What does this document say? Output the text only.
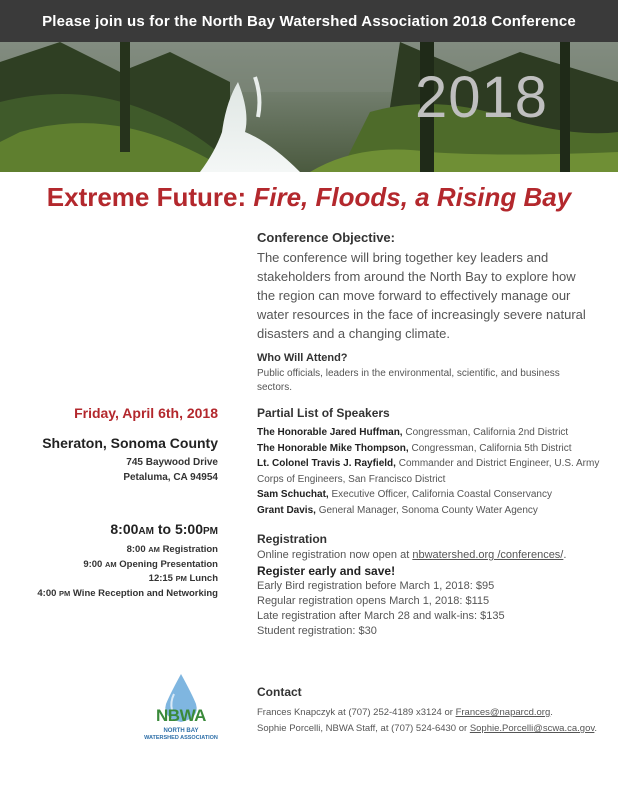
Please join us for the North Bay Watershed Association 2018 Conference
2018
Extreme Future: Fire, Floods, a Rising Bay
Conference Objective:

The conference will bring together key leaders and stakeholders from around the North Bay to explore how the region can move forward to effectively manage our water resources in the face of increasingly severe natural disasters and a changing climate.

Who Will Attend?

Public officials, leaders in the environmental, scientific, and business sectors.

Partial List of Speakers
The Honorable Jared Huffman, Congressman, California 2nd District
The Honorable Mike Thompson, Congressman, California 5th District
Lt. Colonel Travis J. Rayfield, Commander and District Engineer, U.S. Army Corps of Engineers, San Francisco District
Sam Schuchat, Executive Officer, California Coastal Conservancy
Grant Davis, General Manager, Sonoma County Water Agency
Friday, April 6th, 2018
Sheraton, Sonoma County
745 Baywood Drive
Petaluma, CA 94954
8:00AM to 5:00PM
8:00 AM Registration
9:00 AM Opening Presentation
12:15 PM Lunch
4:00 PM Wine Reception and Networking
Registration
Online registration now open at nbwatershed.org /conferences/.
Register early and save!
Early Bird registration before March 1, 2018: $95
Regular registration opens March 1, 2018: $115
Late registration after March 28 and walk-ins: $135
Student registration: $30
NBWA
NORTH BAY
WATERSHED ASSOCIATION
Contact
Frances Knapczyk at (707) 252-4189 x3124 or Frances@naparcd.org.
Sophie Porcelli, NBWA Staff, at (707) 524-6430 or Sophie.Porcelli@scwa.ca.gov.
